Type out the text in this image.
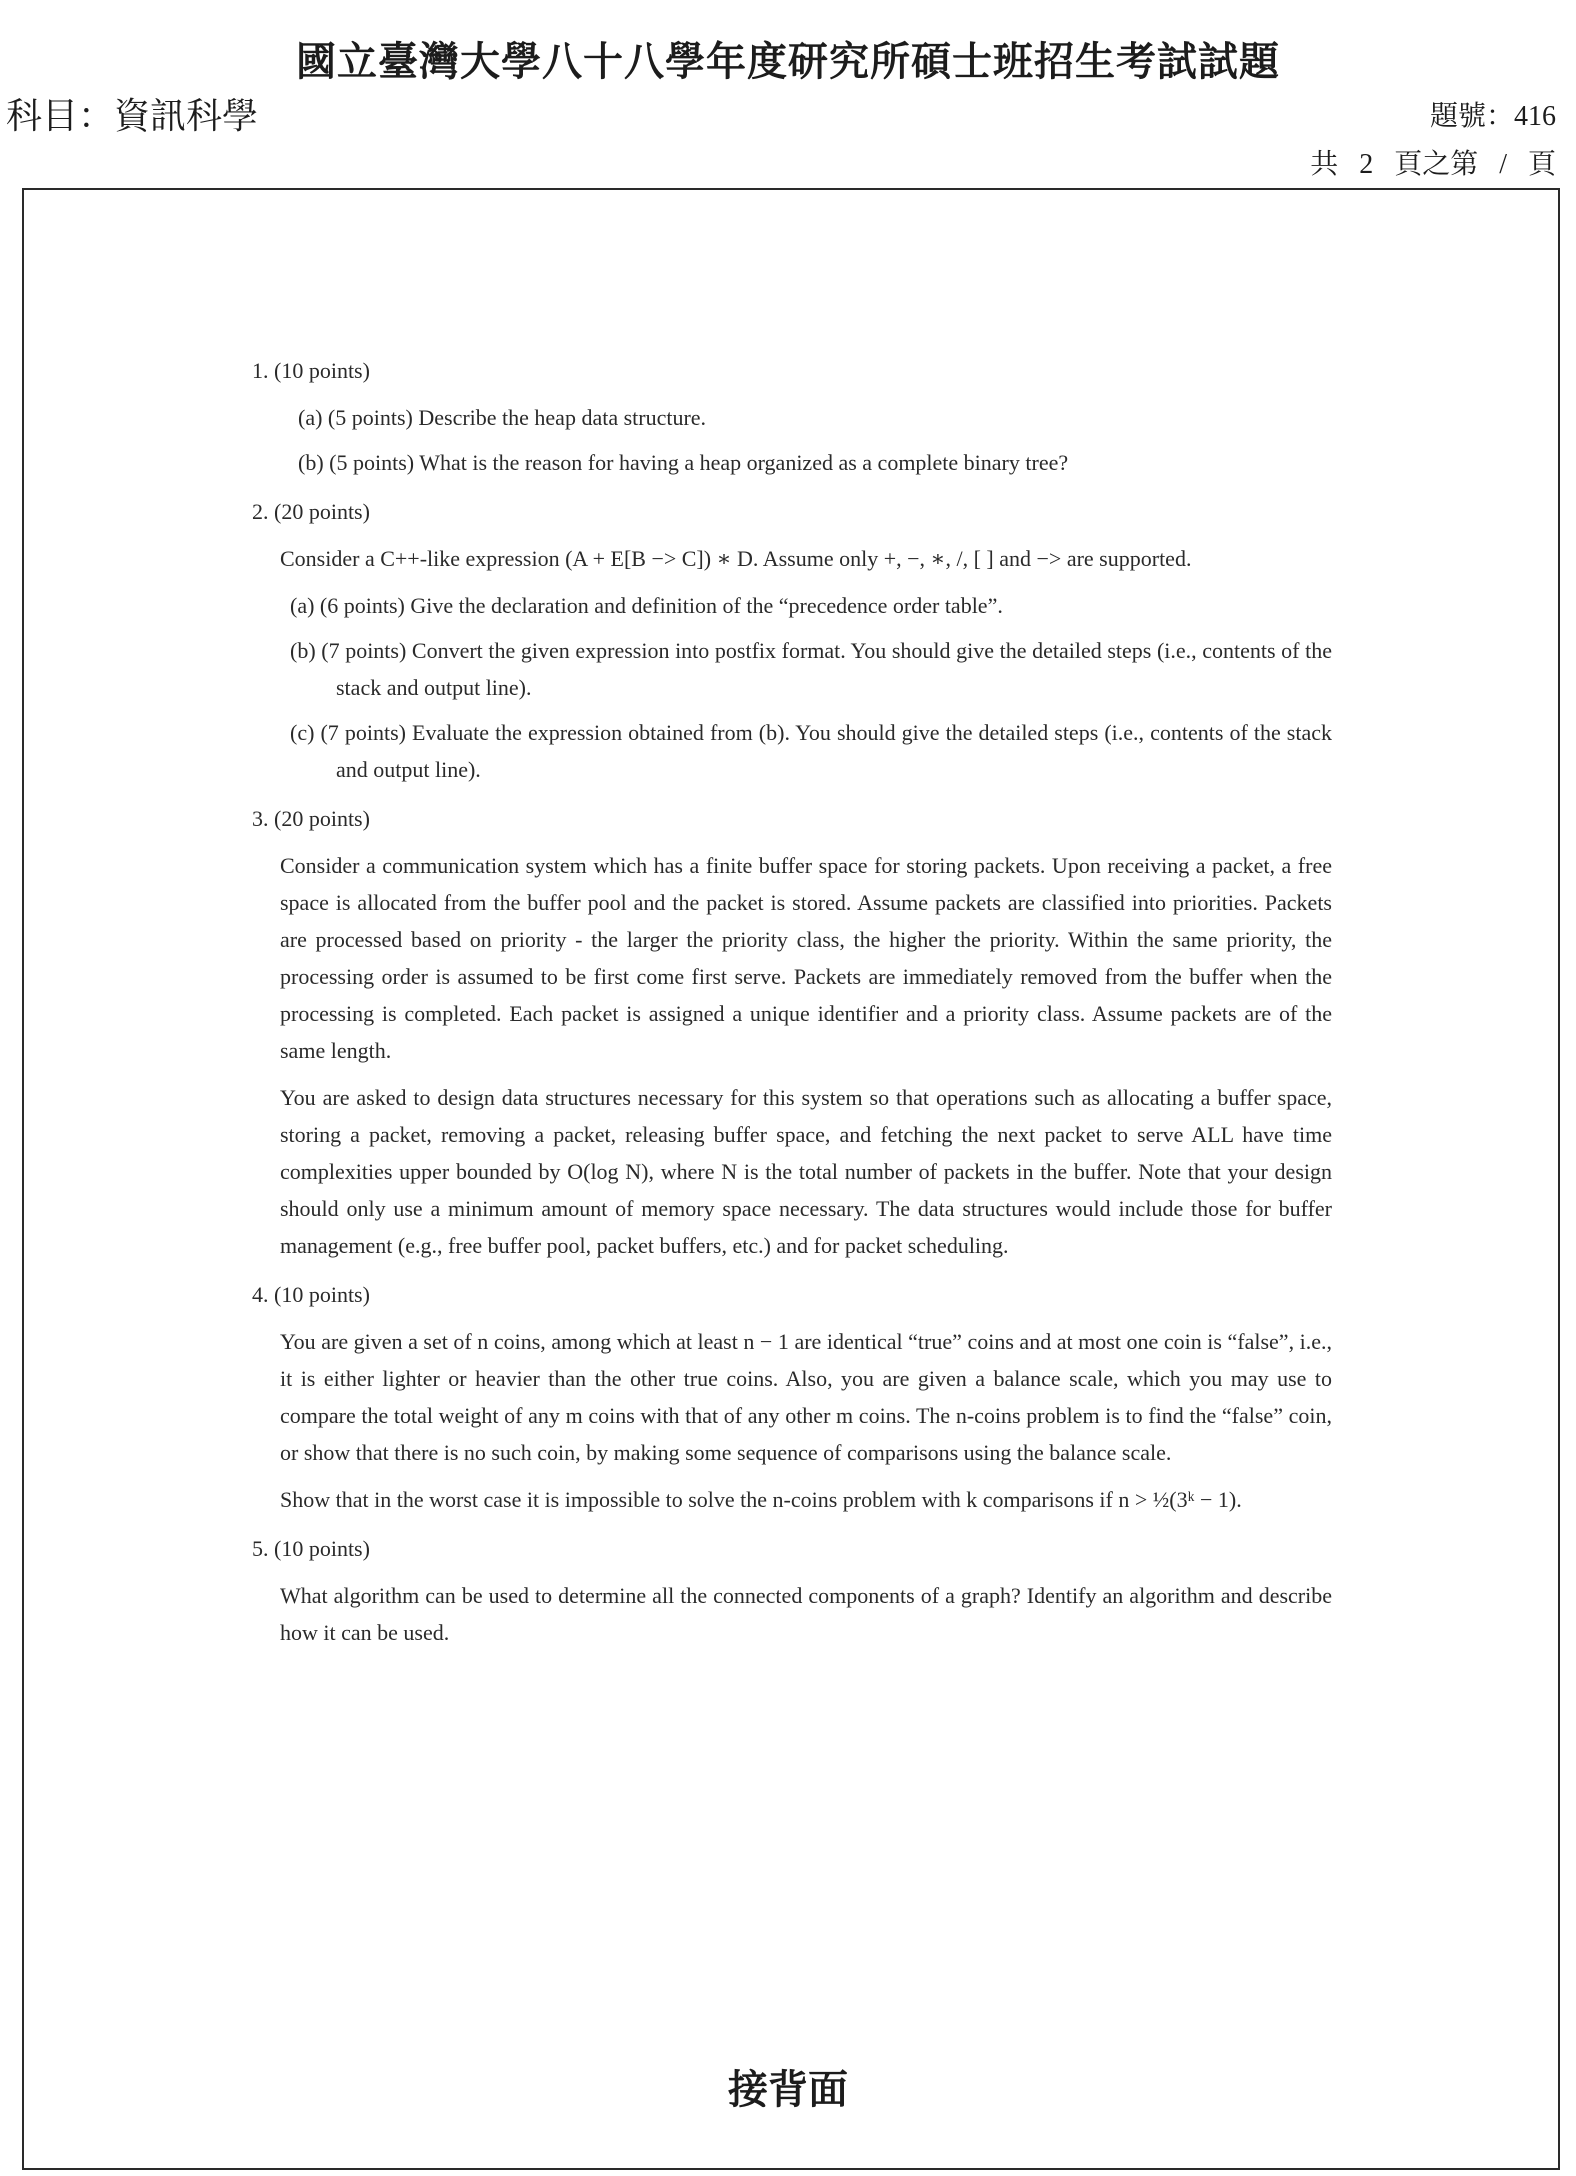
國立臺灣大學八十八學年度研究所碩士班招生考試試題
科目：資訊科學	題號：416
共 2 頁之第 / 頁
1. (10 points)
(a) (5 points) Describe the heap data structure.
(b) (5 points) What is the reason for having a heap organized as a complete binary tree?
2. (20 points)
Consider a C++-like expression (A + E[B −> C]) ∗ D. Assume only +, −, ∗, /, [ ] and −> are supported.
(a) (6 points) Give the declaration and definition of the “precedence order table”.
(b) (7 points) Convert the given expression into postfix format. You should give the detailed steps (i.e., contents of the stack and output line).
(c) (7 points) Evaluate the expression obtained from (b). You should give the detailed steps (i.e., contents of the stack and output line).
3. (20 points)
Consider a communication system which has a finite buffer space for storing packets. Upon receiving a packet, a free space is allocated from the buffer pool and the packet is stored. Assume packets are classified into priorities. Packets are processed based on priority - the larger the priority class, the higher the priority. Within the same priority, the processing order is assumed to be first come first serve. Packets are immediately removed from the buffer when the processing is completed. Each packet is assigned a unique identifier and a priority class. Assume packets are of the same length.
You are asked to design data structures necessary for this system so that operations such as allocating a buffer space, storing a packet, removing a packet, releasing buffer space, and fetching the next packet to serve ALL have time complexities upper bounded by O(log N), where N is the total number of packets in the buffer. Note that your design should only use a minimum amount of memory space necessary. The data structures would include those for buffer management (e.g., free buffer pool, packet buffers, etc.) and for packet scheduling.
4. (10 points)
You are given a set of n coins, among which at least n − 1 are identical “true” coins and at most one coin is “false”, i.e., it is either lighter or heavier than the other true coins. Also, you are given a balance scale, which you may use to compare the total weight of any m coins with that of any other m coins. The n-coins problem is to find the “false” coin, or show that there is no such coin, by making some sequence of comparisons using the balance scale.
Show that in the worst case it is impossible to solve the n-coins problem with k comparisons if n > ½(3ᵏ − 1).
5. (10 points)
What algorithm can be used to determine all the connected components of a graph? Identify an algorithm and describe how it can be used.
接背面
